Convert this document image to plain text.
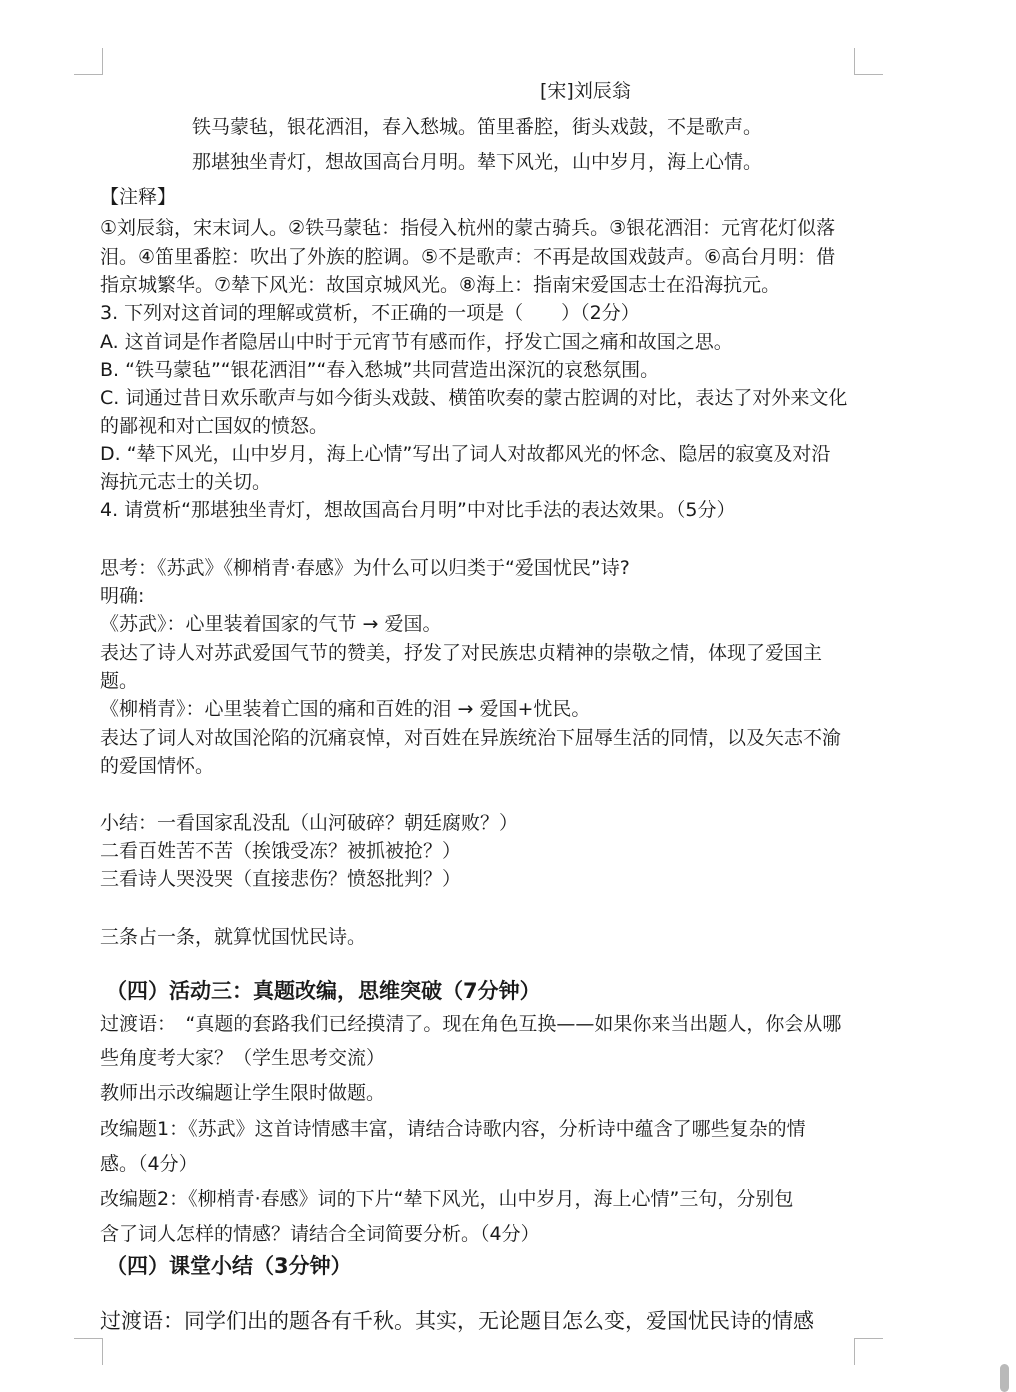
[宋]刘辰翁
铁马蒙毡，银花洒泪，春入愁城。笛里番腔，街头戏鼓，不是歌声。
那堪独坐青灯，想故国高台月明。辇下风光，山中岁月，海上心情。
【注释】
①刘辰翁，宋末词人。②铁马蒙毡：指侵入杭州的蒙古骑兵。③银花洒泪：元宵花灯似落
泪。④笛里番腔：吹出了外族的腔调。⑤不是歌声：不再是故国戏鼓声。⑥高台月明：借
指京城繁华。⑦辇下风光：故国京城风光。⑧海上：指南宋爱国志士在沿海抗元。
3. 下列对这首词的理解或赏析，不正确的一项是（　　）（2分）
A. 这首词是作者隐居山中时于元宵节有感而作，抒发亡国之痛和故国之思。
B. “铁马蒙毡”“银花洒泪”“春入愁城”共同营造出深沉的哀愁氛围。
C. 词通过昔日欢乐歌声与如今街头戏鼓、横笛吹奏的蒙古腔调的对比，表达了对外来文化
的鄙视和对亡国奴的愤怒。
D. “辇下风光，山中岁月，海上心情”写出了词人对故都风光的怀念、隐居的寂寞及对沿
海抗元志士的关切。
4. 请赏析“那堪独坐青灯，想故国高台月明”中对比手法的表达效果。（5分）
思考：《苏武》《柳梢青·春感》为什么可以归类于“爱国忧民”诗?
明确:
《苏武》：心里装着国家的气节 → 爱国。
表达了诗人对苏武爱国气节的赞美，抒发了对民族忠贞精神的崇敬之情，体现了爱国主
题。
《柳梢青》：心里装着亡国的痛和百姓的泪 → 爱国+忧民。
表达了词人对故国沦陷的沉痛哀悼，对百姓在异族统治下屈辱生活的同情，以及矢志不渝
的爱国情怀。
小结：一看国家乱没乱（山河破碎？朝廷腐败？）
二看百姓苦不苦（挨饿受冻？被抓被抢？）
三看诗人哭没哭（直接悲伤？愤怒批判？）
三条占一条，就算忧国忧民诗。
（四）活动三：真题改编，思维突破（7分钟）
过渡语：　“真题的套路我们已经摸清了。现在角色互换——如果你来当出题人，你会从哪
些角度考大家？（学生思考交流）
教师出示改编题让学生限时做题。
改编题1：《苏武》这首诗情感丰富，请结合诗歌内容，分析诗中蕴含了哪些复杂的情
感。（4分）
改编题2：《柳梢青·春感》词的下片“辇下风光，山中岁月，海上心情”三句，分别包
含了词人怎样的情感？请结合全词简要分析。（4分）
（四）课堂小结（3分钟）
过渡语：同学们出的题各有千秋。其实，无论题目怎么变，爱国忧民诗的情感
